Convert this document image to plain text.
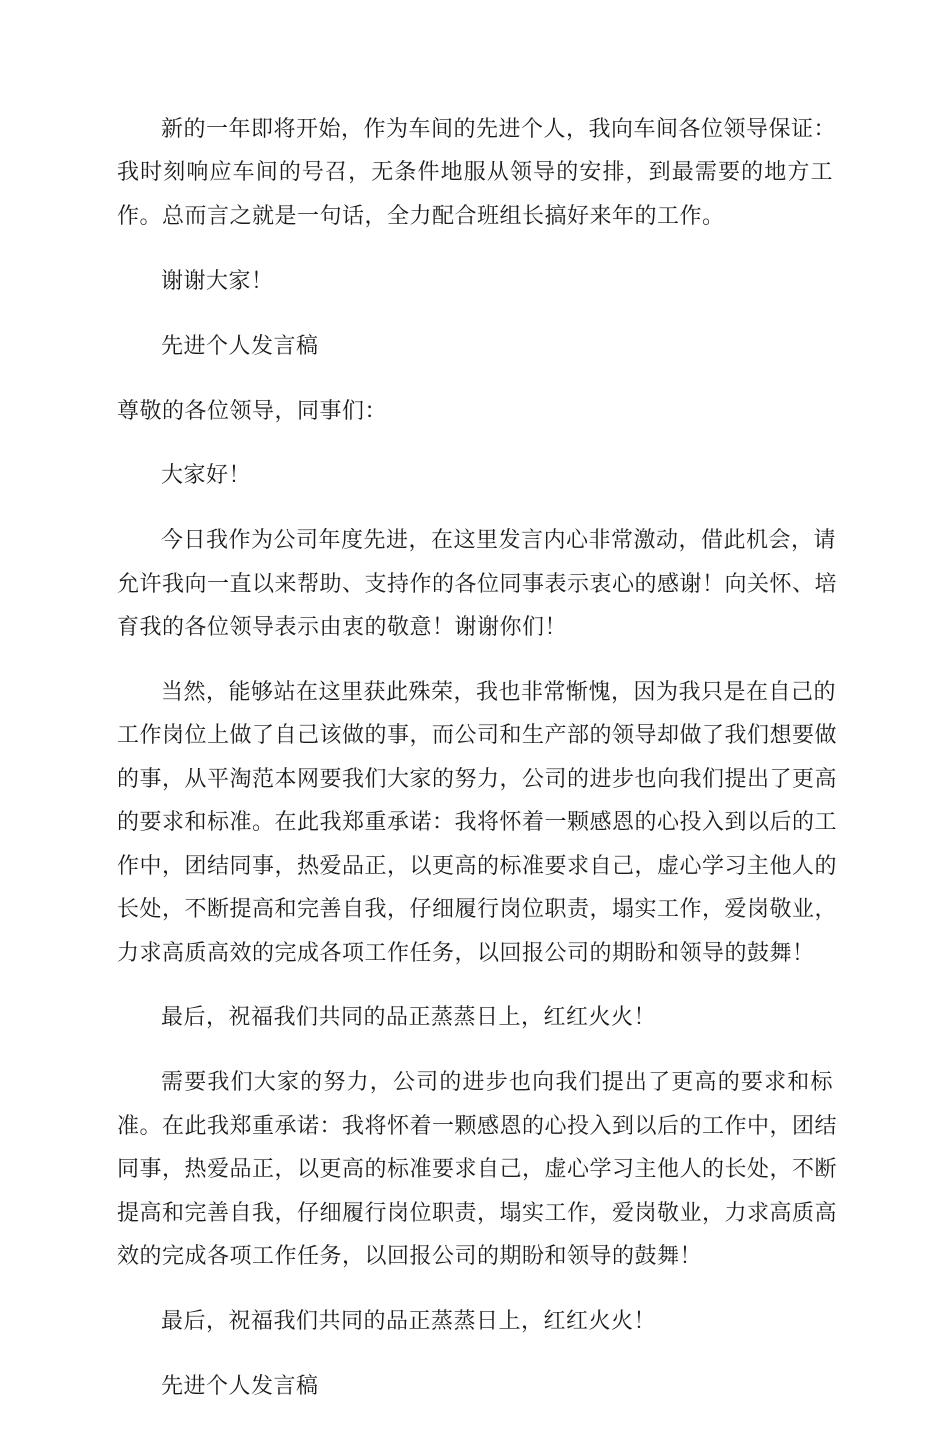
新的一年即将开始，作为车间的先进个人，我向车间各位领导保证：
我时刻响应车间的号召，无条件地服从领导的安排，到最需要的地方工
作。总而言之就是一句话，全力配合班组长搞好来年的工作。
谢谢大家！
先进个人发言稿
尊敬的各位领导，同事们：
大家好！
今日我作为公司年度先进，在这里发言内心非常激动，借此机会，请
允许我向一直以来帮助、支持作的各位同事表示衷心的感谢！向关怀、培
育我的各位领导表示由衷的敬意！谢谢你们！
当然，能够站在这里获此殊荣，我也非常惭愧，因为我只是在自己的
工作岗位上做了自己该做的事，而公司和生产部的领导却做了我们想要做
的事，从平淘范本网要我们大家的努力，公司的进步也向我们提出了更高
的要求和标准。在此我郑重承诺：我将怀着一颗感恩的心投入到以后的工
作中，团结同事，热爱品正，以更高的标准要求自己，虚心学习主他人的
长处，不断提高和完善自我，仔细履行岗位职责，塌实工作，爱岗敬业，
力求高质高效的完成各项工作任务，以回报公司的期盼和领导的鼓舞！
最后，祝福我们共同的品正蒸蒸日上，红红火火！
需要我们大家的努力，公司的进步也向我们提出了更高的要求和标
准。在此我郑重承诺：我将怀着一颗感恩的心投入到以后的工作中，团结
同事，热爱品正，以更高的标准要求自己，虚心学习主他人的长处，不断
提高和完善自我，仔细履行岗位职责，塌实工作，爱岗敬业，力求高质高
效的完成各项工作任务，以回报公司的期盼和领导的鼓舞！
最后，祝福我们共同的品正蒸蒸日上，红红火火！
先进个人发言稿
